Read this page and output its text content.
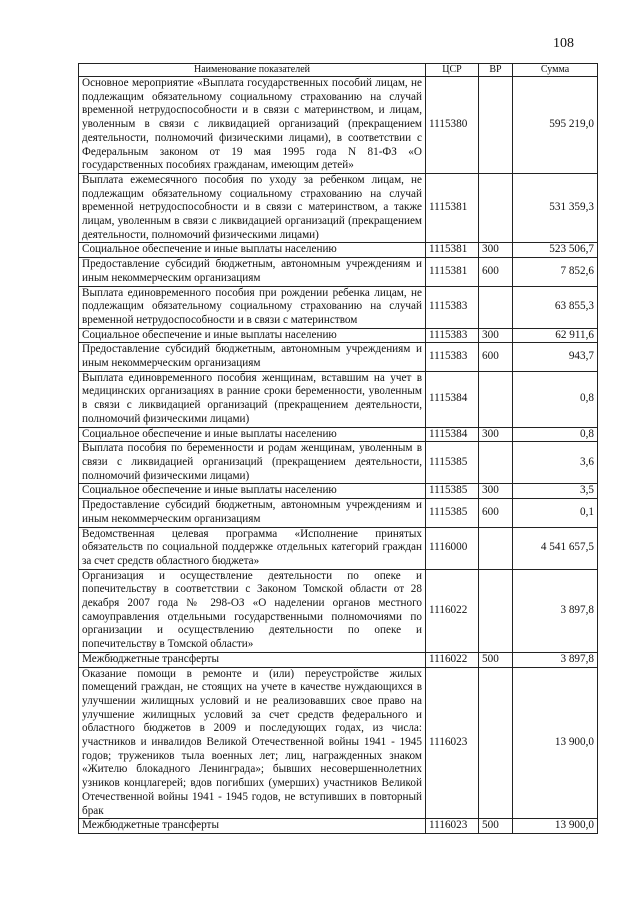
108
Наименование показателей	ЦСР	ВР	Сумма
Основное мероприятие «Выплата государственных пособий лицам, не подлежащим обязательному социальному страхованию на случай временной нетрудоспособности и в связи с материнством, и лицам, уволенным в связи с ликвидацией организаций (прекращением деятельности, полномочий физическими лицами), в соответствии с Федеральным законом от 19 мая 1995 года N 81-ФЗ «О государственных пособиях гражданам, имеющим детей»	1115380		595 219,0
Выплата ежемесячного пособия по уходу за ребенком лицам, не подлежащим обязательному социальному страхованию на случай временной нетрудоспособности и в связи с материнством, а также лицам, уволенным в связи с ликвидацией организаций (прекращением деятельности, полномочий физическими лицами)	1115381		531 359,3
Социальное обеспечение и иные выплаты населению	1115381	300	523 506,7
Предоставление субсидий бюджетным, автономным учреждениям и иным некоммерческим организациям	1115381	600	7 852,6
Выплата единовременного пособия при рождении ребенка лицам, не подлежащим обязательному социальному страхованию на случай временной нетрудоспособности и в связи с материнством	1115383		63 855,3
Социальное обеспечение и иные выплаты населению	1115383	300	62 911,6
Предоставление субсидий бюджетным, автономным учреждениям и иным некоммерческим организациям	1115383	600	943,7
Выплата единовременного пособия женщинам, вставшим на учет в медицинских организациях в ранние сроки беременности, уволенным в связи с ликвидацией организаций (прекращением деятельности, полномочий физическими лицами)	1115384		0,8
Социальное обеспечение и иные выплаты населению	1115384	300	0,8
Выплата пособия по беременности и родам женщинам, уволенным в связи с ликвидацией организаций (прекращением деятельности, полномочий физическими лицами)	1115385		3,6
Социальное обеспечение и иные выплаты населению	1115385	300	3,5
Предоставление субсидий бюджетным, автономным учреждениям и иным некоммерческим организациям	1115385	600	0,1
Ведомственная целевая программа «Исполнение принятых обязательств по социальной поддержке отдельных категорий граждан за счет средств областного бюджета»	1116000		4 541 657,5
Организация и осуществление деятельности по опеке и попечительству в соответствии с Законом Томской области от 28 декабря 2007 года № 298-ОЗ «О наделении органов местного самоуправления отдельными государственными полномочиями по организации и осуществлению деятельности по опеке и попечительству в Томской области»	1116022		3 897,8
Межбюджетные трансферты	1116022	500	3 897,8
Оказание помощи в ремонте и (или) переустройстве жилых помещений граждан, не стоящих на учете в качестве нуждающихся в улучшении жилищных условий и не реализовавших свое право на улучшение жилищных условий за счет средств федерального и областного бюджетов в 2009 и последующих годах, из числа: участников и инвалидов Великой Отечественной войны 1941 - 1945 годов; тружеников тыла военных лет; лиц, награжденных знаком «Жителю блокадного Ленинграда»; бывших несовершеннолетних узников концлагерей; вдов погибших (умерших) участников Великой Отечественной войны 1941 - 1945 годов, не вступивших в повторный брак	1116023		13 900,0
Межбюджетные трансферты	1116023	500	13 900,0
